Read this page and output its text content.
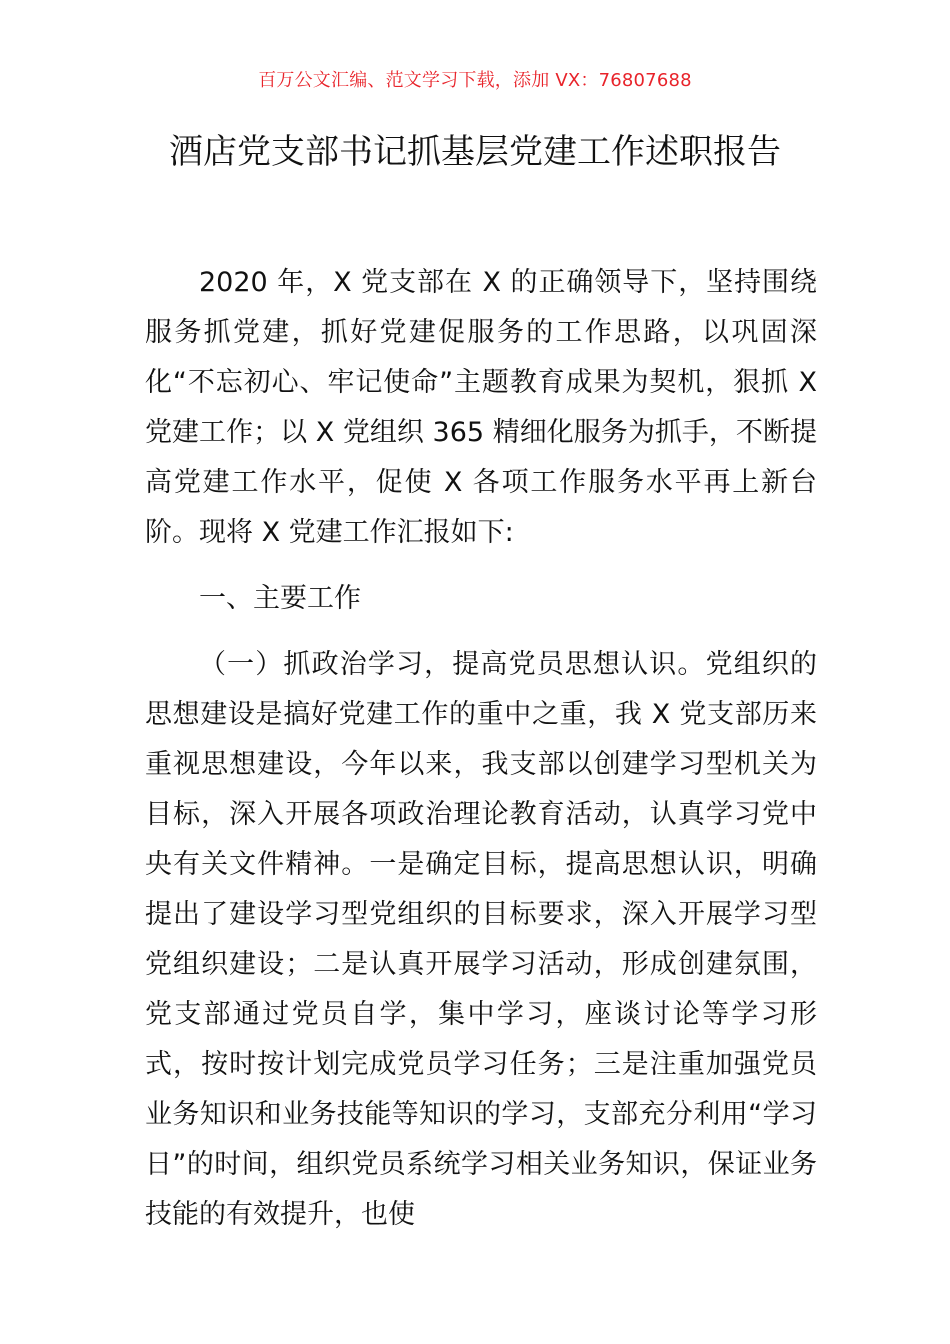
百万公文汇编、范文学习下载，添加 VX：76807688
酒店党支部书记抓基层党建工作述职报告

2020 年，X 党支部在 X 的正确领导下，坚持围绕服务抓党建，抓好党建促服务的工作思路，以巩固深化“不忘初心、牢记使命”主题教育成果为契机，狠抓 X 党建工作；以 X 党组织 365 精细化服务为抓手，不断提高党建工作水平，促使 X 各项工作服务水平再上新台阶。现将 X 党建工作汇报如下:

一、主要工作

（一）抓政治学习，提高党员思想认识。党组织的思想建设是搞好党建工作的重中之重，我 X 党支部历来重视思想建设，今年以来，我支部以创建学习型机关为目标，深入开展各项政治理论教育活动，认真学习党中央有关文件精神。一是确定目标，提高思想认识，明确提出了建设学习型党组织的目标要求，深入开展学习型党组织建设；二是认真开展学习活动，形成创建氛围，党支部通过党员自学，集中学习，座谈讨论等学习形式，按时按计划完成党员学习任务；三是注重加强党员业务知识和业务技能等知识的学习，支部充分利用“学习日”的时间，组织党员系统学习相关业务知识，保证业务技能的有效提升，也使
